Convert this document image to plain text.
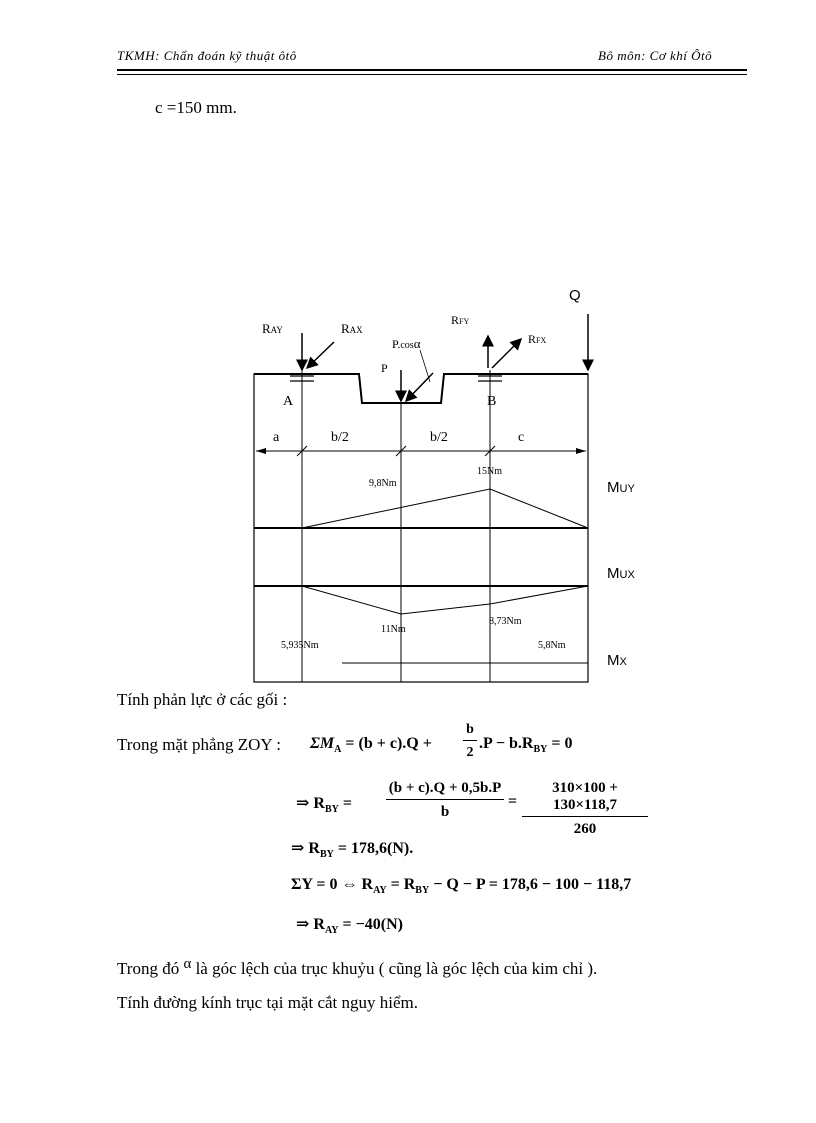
TKMH: Chẩn đoán kỹ thuật ôtô	Bô môn: Cơ khí Ôtô
c =150 mm.
Q
RAY	RAX
RFY
RFX
P
P.cosα
A	B
a	b/2	b/2	c
9,8Nm
15Nm
11Nm
8,73Nm
5,935Nm	5,8Nm
MUY
MUX
MX
Tính phản lực ở các gối :
Trong mặt phẳng ZOY : $\Sigma M_A = (b + c).Q + \frac{b}{2} .P - b.R_{BY} = 0$
⇒ $R_{BY} = \frac{(b + c).Q + 0,5b.P}{b} = \frac{310\times 100 + 130\times 118,7}{260}$
⇒ $R_{BY} = 178,6(N)$.
ΣY = 0 ⇔ $R_{AY} = R_{BY} - Q - P = 178,6 - 100 - 118,7$
⇒ $R_{AY} = -40(N)$
Trong đó α là góc lệch của trục khuỷu ( cũng là góc lệch của kim chỉ ).
Tính đường kính trục tại mặt cắt nguy hiểm.
